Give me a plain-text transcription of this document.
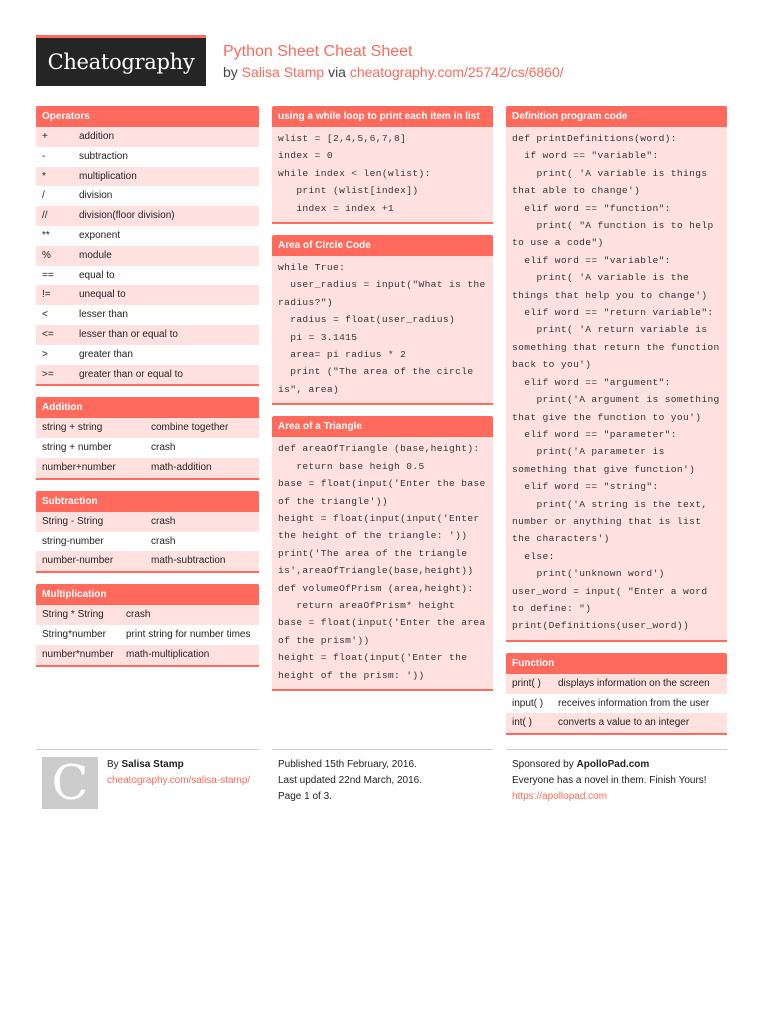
Cheatography Python Sheet Cheat Sheet
by Salisa Stamp via cheatography.com/25742/cs/6860/
Operators
+	addition
-	subtraction
*	multiplication
/	division
//	division(floor division)
**	exponent
%	module
==	equal to
!=	unequal to
<	lesser than
<=	lesser than or equal to
>	greater than
>=	greater than or equal to
Addition
string + string	combine together
string + number	crash
number+number	math-addition
Subtraction
String - String	crash
string-number	crash
number-number	math-subtraction
Multiplication
String * String	crash
String*number	print string for number times
number*number	math-multiplication
using a while loop to print each item in list
wlist = [2,4,5,6,7,8]
index = 0
while index < len(wlist):
print (wlist[index])
index = index +1
Area of Circle Code
while True:
user_radius = input("What is the radius?")
radius = float(user_radius)
pi = 3.1415
area= pi radius * 2
print ("The area of the circle is", area)
Area of a Triangle
def areaOfTriangle (base,height):
return base heigh 0.5
base = float(input('Enter the base of the triangle'))
height = float(input(input('Enter the height of the triangle: '))
print('The area of the triangle is',areaOfTriangle(base,height))
def volumeOfPrism (area,height):
return areaOfPrism* height
base = float(input('Enter the area of the prism'))
height = float(input('Enter the height of the prism: '))
Definition program code
def printDefinitions(word):
if word == "variable":
print( 'A variable is things that able to change')
elif word == "function":
print( "A function is to help to use a code")
elif word == "variable":
print( 'A variable is the things that help you to change')
elif word == "return variable":
print( 'A return variable is something that return the function back to you')
elif word == "argument":
print('A argument is something that give the function to you')
elif word == "parameter":
print('A parameter is something that give function')
elif word == "string":
print('A string is the text, number or anything that is list the characters')
else:
print('unknown word')
user_word = input( "Enter a word to define: ")
print(Definitions(user_word))
Function
print( )	displays information on the screen
input( )	receives information from the user
int( )	converts a value to an integer
C By Salisa Stamp
cheatography.com/salisa-stamp/
Published 15th February, 2016.
Last updated 22nd March, 2016.
Page 1 of 3.
Sponsored by ApolloPad.com
Everyone has a novel in them. Finish Yours!
https://apollopad.com
